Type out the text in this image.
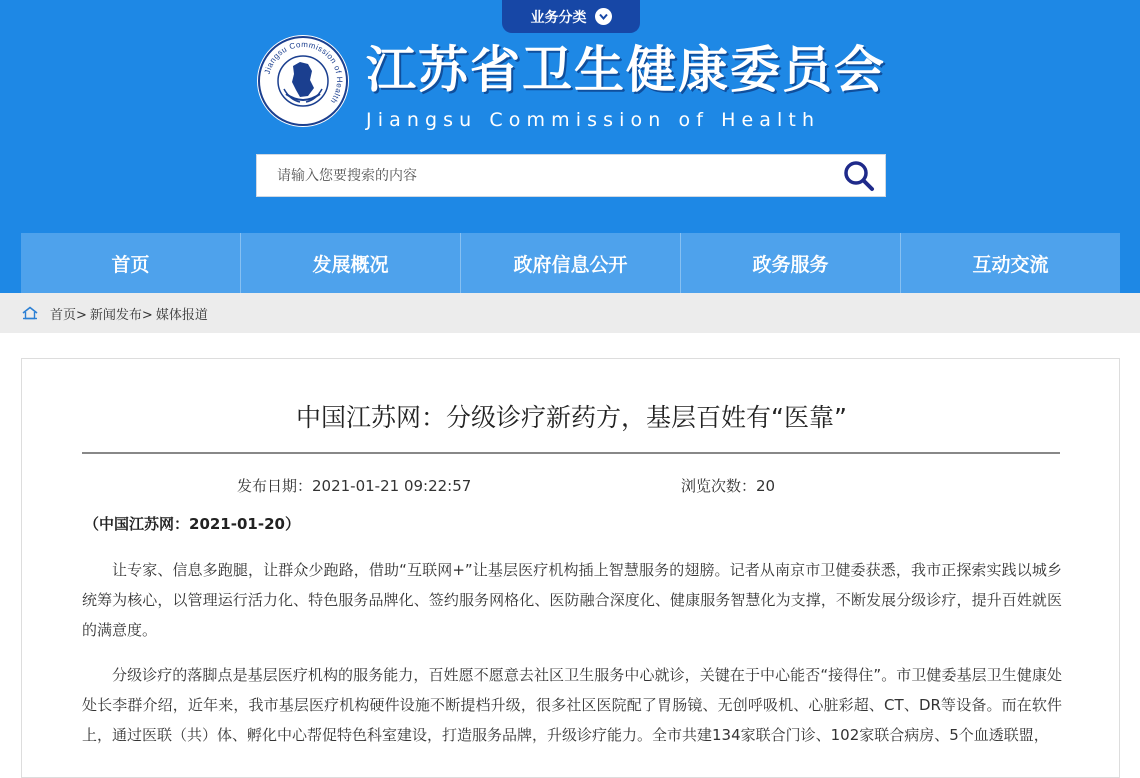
业务分类
Jiangsu Commission of Health
江苏省卫生健康委员会
Jiangsu Commission of Health
请输入您要搜索的内容
首页	发展概况	政府信息公开	政务服务	互动交流
首页> 新闻发布> 媒体报道
中国江苏网：分级诊疗新药方，基层百姓有“医靠”
发布日期：2021-01-21 09:22:57	浏览次数：20
（中国江苏网：2021-01-20）

让专家、信息多跑腿，让群众少跑路，借助“互联网+”让基层医疗机构插上智慧服务的翅膀。记者从南京市卫健委获悉，我市正探索实践以城乡统筹为核心，以管理运行活力化、特色服务品牌化、签约服务网格化、医防融合深度化、健康服务智慧化为支撑，不断发展分级诊疗，提升百姓就医的满意度。

分级诊疗的落脚点是基层医疗机构的服务能力，百姓愿不愿意去社区卫生服务中心就诊，关键在于中心能否“接得住”。市卫健委基层卫生健康处处长李群介绍，近年来，我市基层医疗机构硬件设施不断提档升级，很多社区医院配了胃肠镜、无创呼吸机、心脏彩超、CT、DR等设备。而在软件上，通过医联（共）体、孵化中心帮促特色科室建设，打造服务品牌，升级诊疗能力。全市共建134家联合门诊、102家联合病房、5个血透联盟，
